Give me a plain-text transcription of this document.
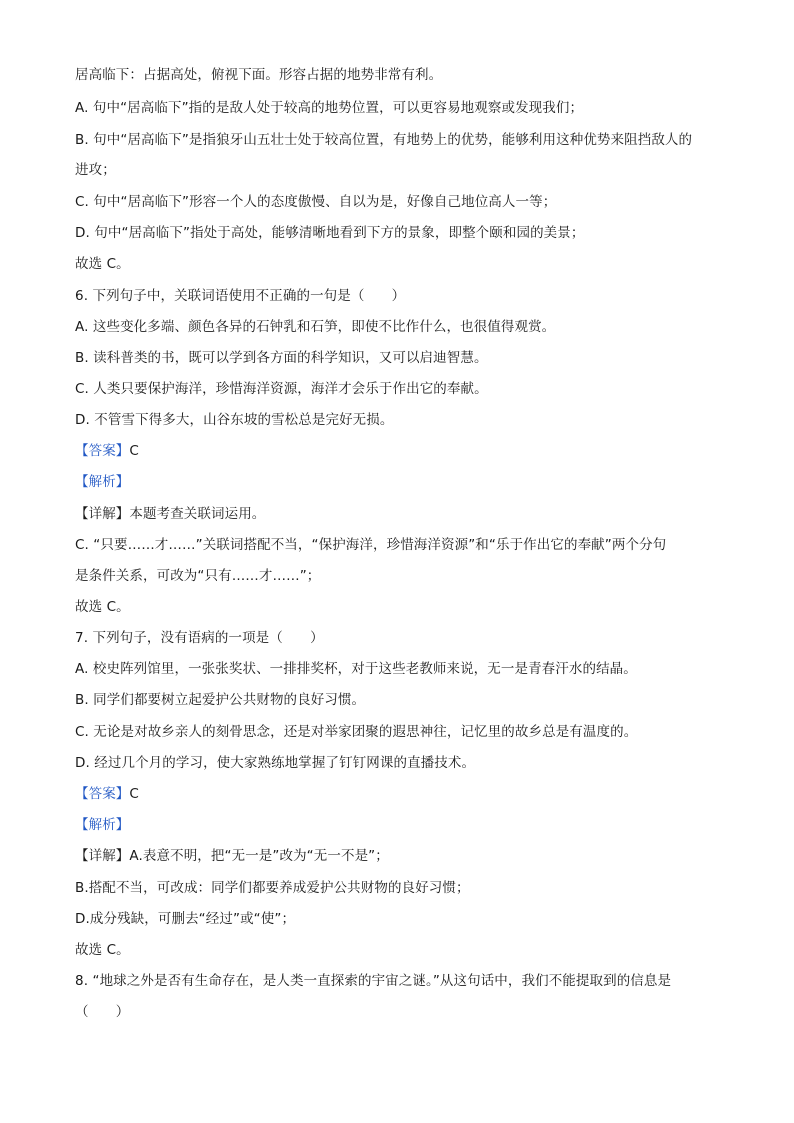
居高临下：占据高处，俯视下面。形容占据的地势非常有利。
A. 句中“居高临下”指的是敌人处于较高的地势位置，可以更容易地观察或发现我们；
B. 句中“居高临下”是指狼牙山五壮士处于较高位置，有地势上的优势，能够利用这种优势来阻挡敌人的
进攻；
C. 句中“居高临下”形容一个人的态度傲慢、自以为是，好像自己地位高人一等；
D. 句中“居高临下”指处于高处，能够清晰地看到下方的景象，即整个颐和园的美景；
故选 C。
6. 下列句子中，关联词语使用不正确的一句是（　　）
A. 这些变化多端、颜色各异的石钟乳和石笋，即使不比作什么，也很值得观赏。
B. 读科普类的书，既可以学到各方面的科学知识，又可以启迪智慧。
C. 人类只要保护海洋，珍惜海洋资源，海洋才会乐于作出它的奉献。
D. 不管雪下得多大，山谷东坡的雪松总是完好无损。
【答案】C
【解析】
【详解】本题考查关联词运用。
C. “只要……才……”关联词搭配不当，“保护海洋，珍惜海洋资源”和“乐于作出它的奉献”两个分句
是条件关系，可改为“只有……才……”；
故选 C。
7. 下列句子，没有语病的一项是（　　）
A. 校史阵列馆里，一张张奖状、一排排奖杯，对于这些老教师来说，无一是青春汗水的结晶。
B. 同学们都要树立起爱护公共财物的良好习惯。
C. 无论是对故乡亲人的刻骨思念，还是对举家团聚的遐思神往，记忆里的故乡总是有温度的。
D. 经过几个月的学习，使大家熟练地掌握了钉钉网课的直播技术。
【答案】C
【解析】
【详解】A.表意不明，把“无一是”改为“无一不是”；
B.搭配不当，可改成：同学们都要养成爱护公共财物的良好习惯；
D.成分残缺，可删去“经过”或“使”；
故选 C。
8. “地球之外是否有生命存在，是人类一直探索的宇宙之谜。”从这句话中，我们不能提取到的信息是
（　　）
